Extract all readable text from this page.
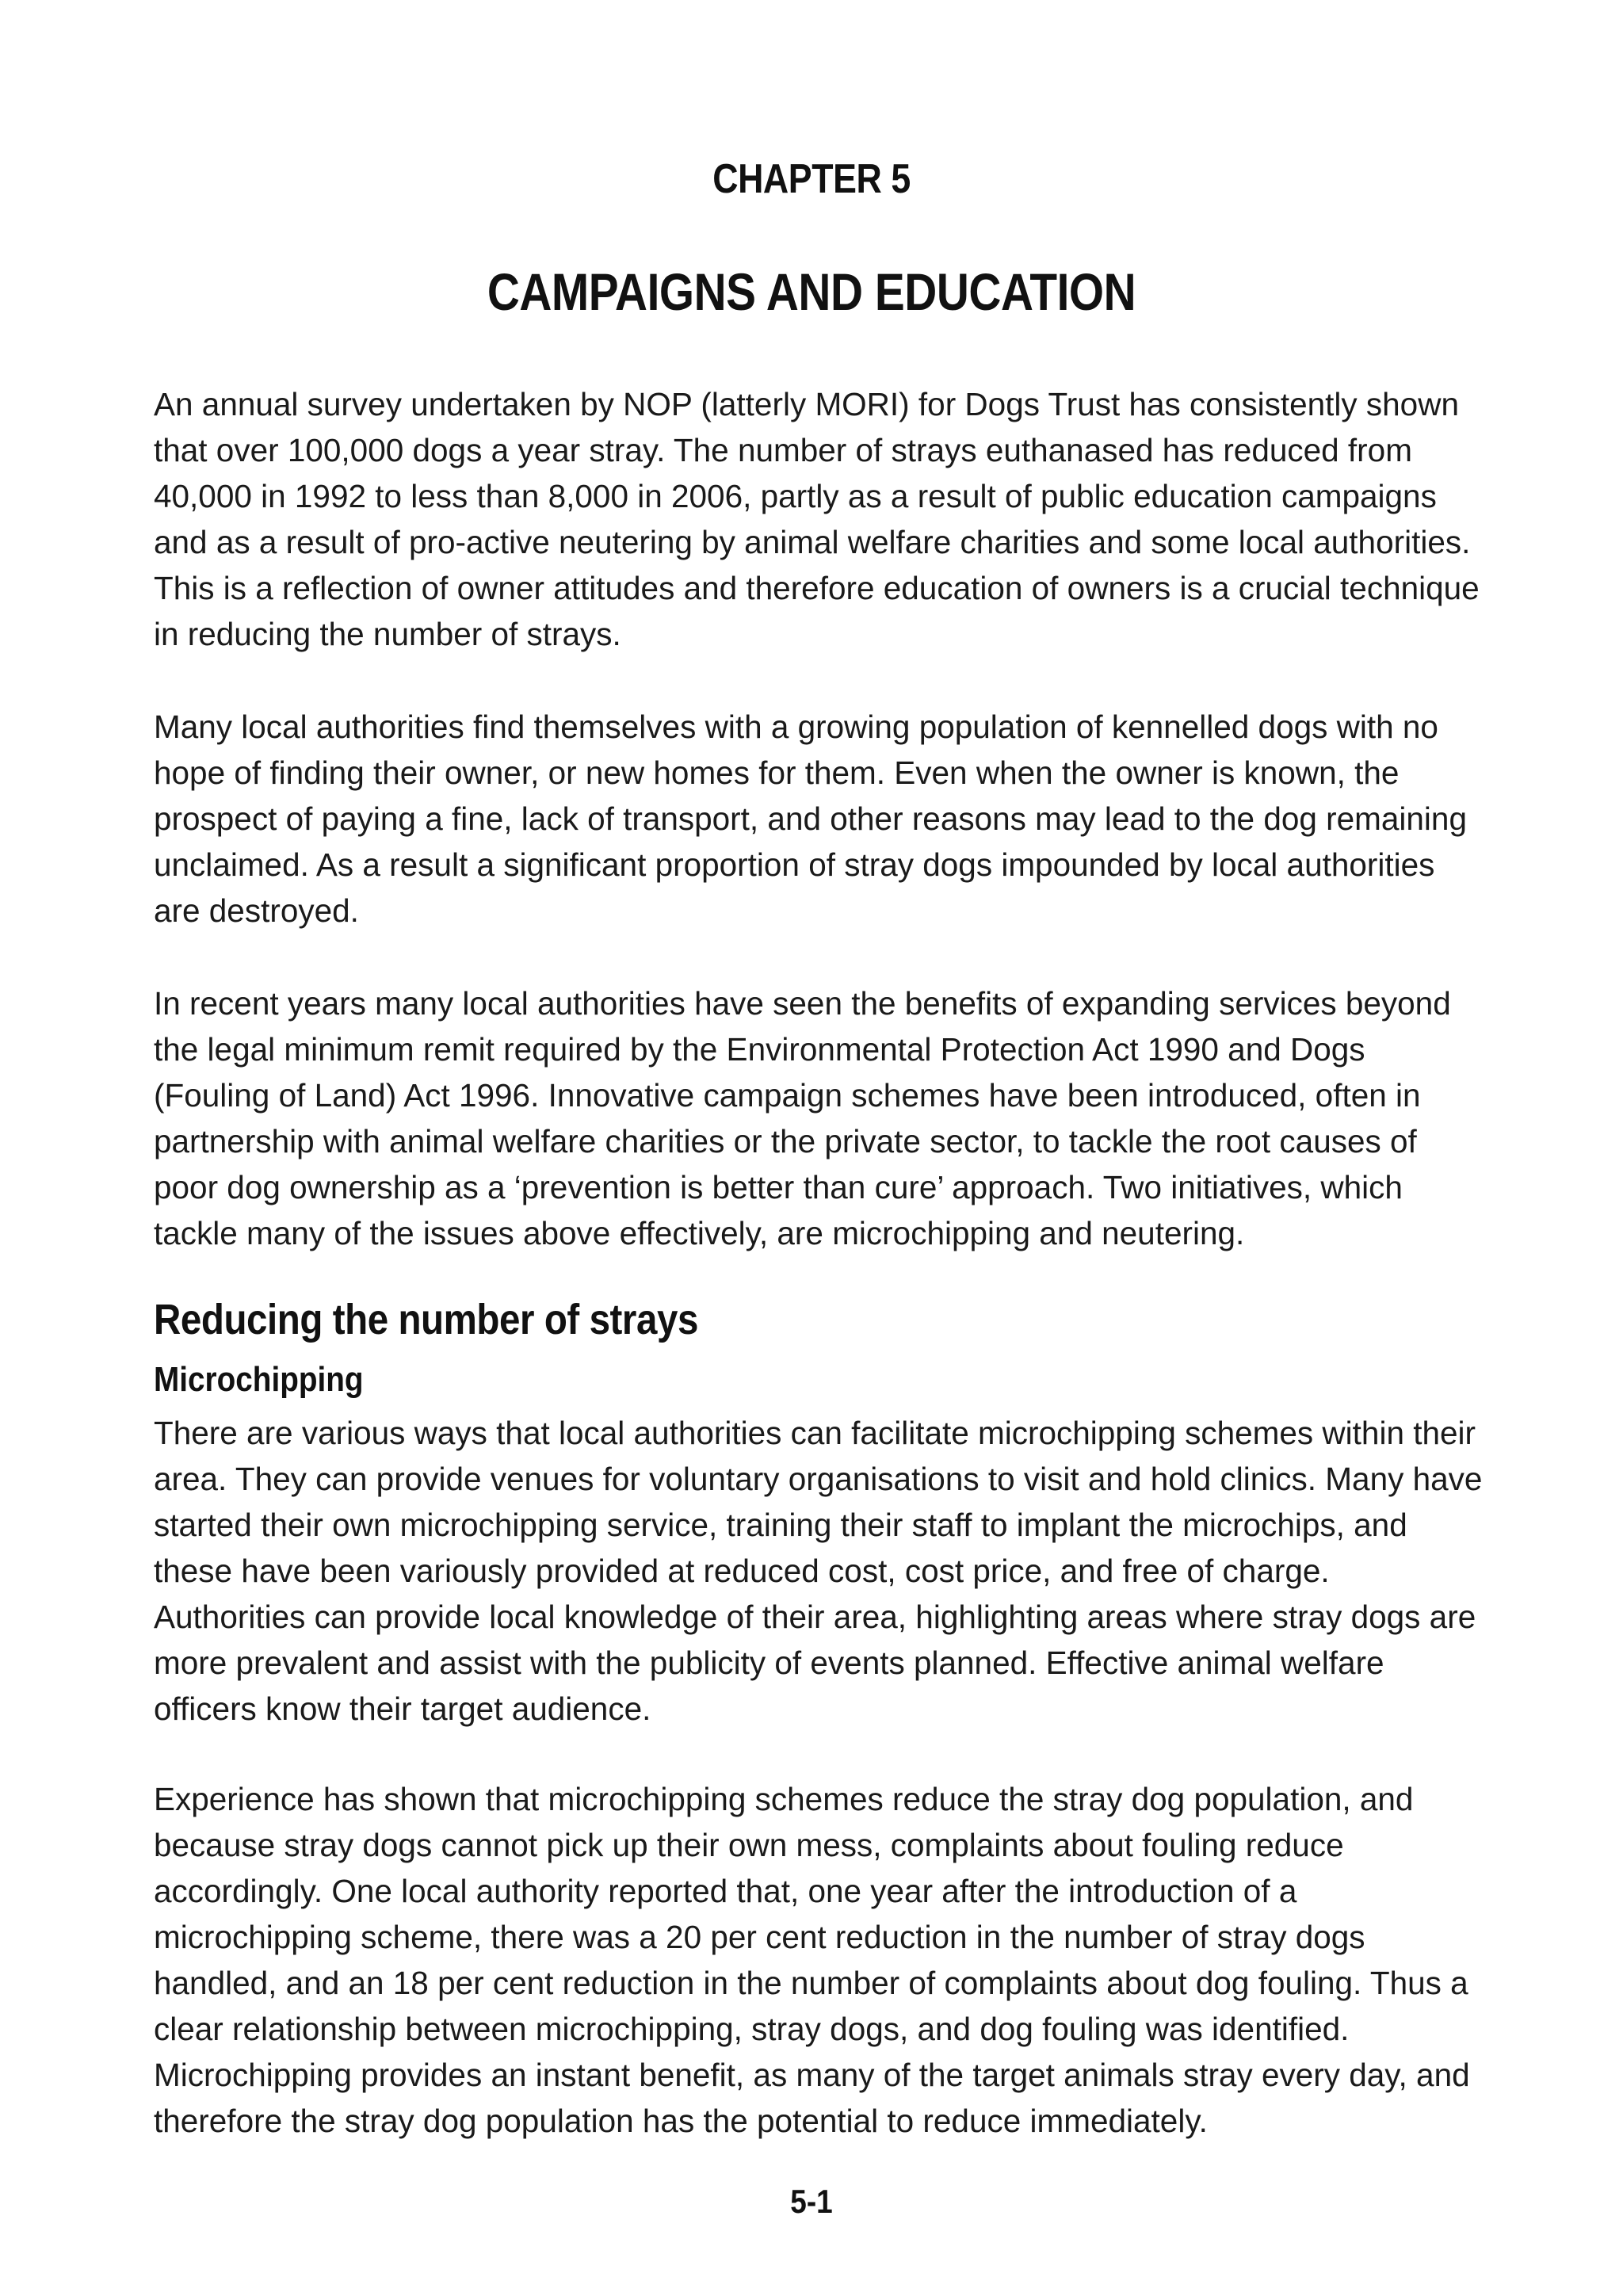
CHAPTER 5
CAMPAIGNS AND EDUCATION

An annual survey undertaken by NOP (latterly MORI) for Dogs Trust has consistently shown that over 100,000 dogs a year stray. The number of strays euthanased has reduced from 40,000 in 1992 to less than 8,000 in 2006, partly as a result of public education campaigns and as a result of pro-active neutering by animal welfare charities and some local authorities. This is a reflection of owner attitudes and therefore education of owners is a crucial technique in reducing the number of strays.

Many local authorities find themselves with a growing population of kennelled dogs with no hope of finding their owner, or new homes for them. Even when the owner is known, the prospect of paying a fine, lack of transport, and other reasons may lead to the dog remaining unclaimed. As a result a significant proportion of stray dogs impounded by local authorities are destroyed.

In recent years many local authorities have seen the benefits of expanding services beyond the legal minimum remit required by the Environmental Protection Act 1990 and Dogs (Fouling of Land) Act 1996. Innovative campaign schemes have been introduced, often in partnership with animal welfare charities or the private sector, to tackle the root causes of poor dog ownership as a ‘prevention is better than cure’ approach. Two initiatives, which tackle many of the issues above effectively, are microchipping and neutering.

Reducing the number of strays
Microchipping

There are various ways that local authorities can facilitate microchipping schemes within their area. They can provide venues for voluntary organisations to visit and hold clinics. Many have started their own microchipping service, training their staff to implant the microchips, and these have been variously provided at reduced cost, cost price, and free of charge. Authorities can provide local knowledge of their area, highlighting areas where stray dogs are more prevalent and assist with the publicity of events planned. Effective animal welfare officers know their target audience.

Experience has shown that microchipping schemes reduce the stray dog population, and because stray dogs cannot pick up their own mess, complaints about fouling reduce accordingly. One local authority reported that, one year after the introduction of a microchipping scheme, there was a 20 per cent reduction in the number of stray dogs handled, and an 18 per cent reduction in the number of complaints about dog fouling. Thus a clear relationship between microchipping, stray dogs, and dog fouling was identified. Microchipping provides an instant benefit, as many of the target animals stray every day, and therefore the stray dog population has the potential to reduce immediately.

5-1
